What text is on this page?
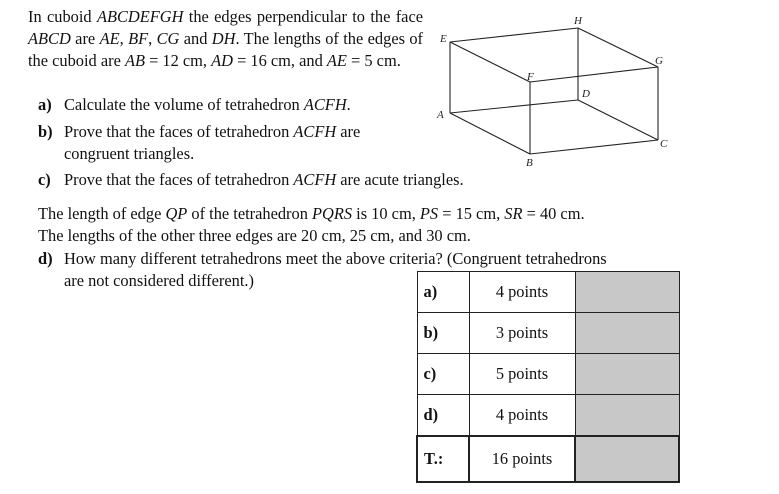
In cuboid ABCDEFGH the edges perpendicular to the face ABCD are AE, BF, CG and DH. The lengths of the edges of the cuboid are AB = 12 cm, AD = 16 cm, and AE = 5 cm.
a) Calculate the volume of tetrahedron ACFH.
b) Prove that the faces of tetrahedron ACFH are
congruent triangles.
c) Prove that the faces of tetrahedron ACFH are acute triangles.
The length of edge QP of the tetrahedron PQRS is 10 cm, PS = 15 cm, SR = 40 cm.
The lengths of the other three edges are 20 cm, 25 cm, and 30 cm.
d) How many different tetrahedrons meet the above criteria? (Congruent tetrahedrons
are not considered different.)
E
H
G
F
D
A
C
B
a)	4 points	
b)	3 points	
c)	5 points	
d)	4 points	
T.:	16 points	
